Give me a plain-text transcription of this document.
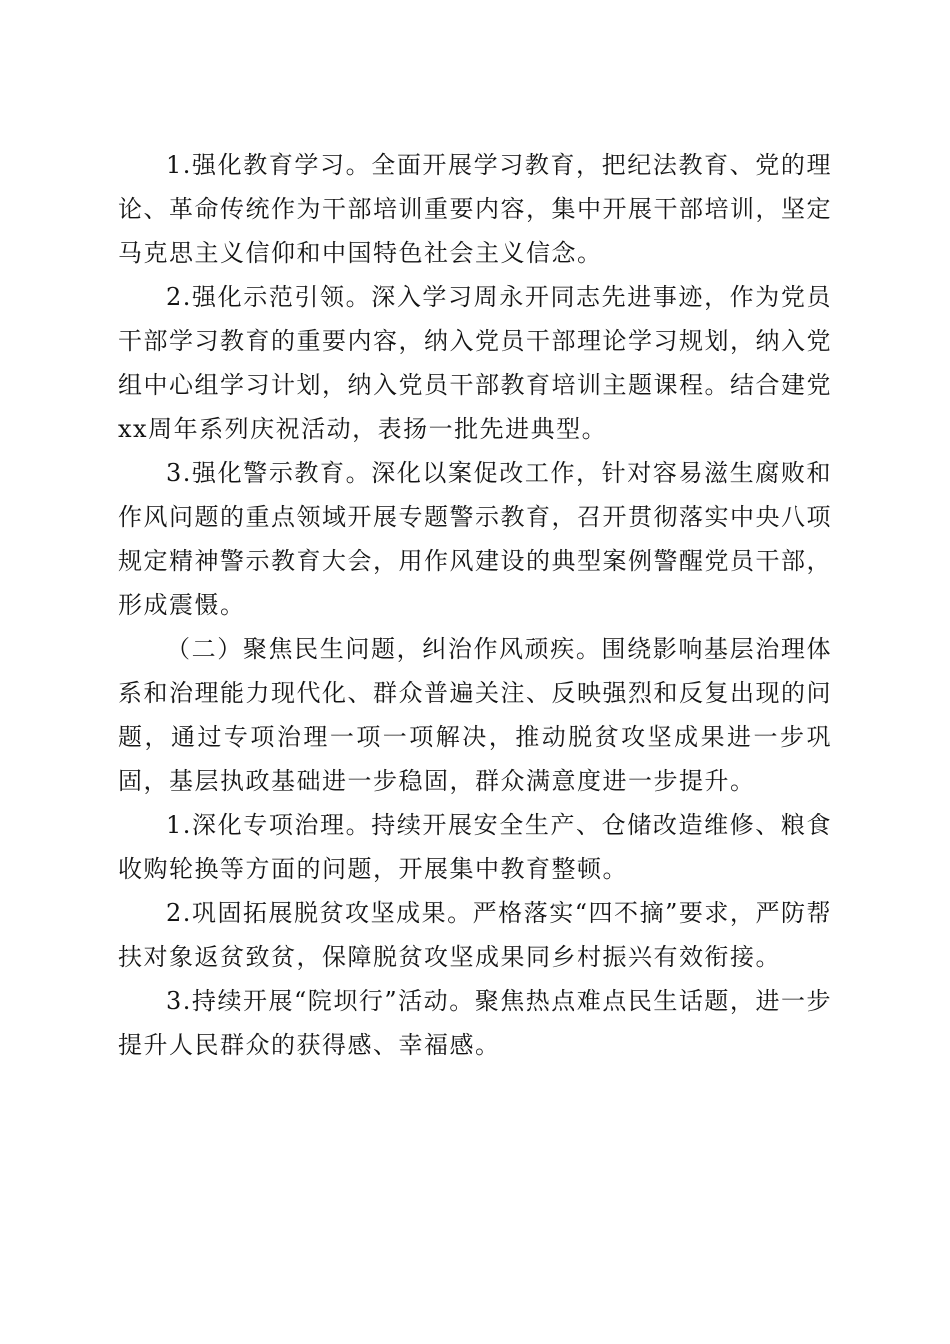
1.强化教育学习。全面开展学习教育，把纪法教育、党的理论、革命传统作为干部培训重要内容，集中开展干部培训，坚定马克思主义信仰和中国特色社会主义信念。

2.强化示范引领。深入学习周永开同志先进事迹，作为党员干部学习教育的重要内容，纳入党员干部理论学习规划，纳入党组中心组学习计划，纳入党员干部教育培训主题课程。结合建党xx周年系列庆祝活动，表扬一批先进典型。

3.强化警示教育。深化以案促改工作，针对容易滋生腐败和作风问题的重点领域开展专题警示教育，召开贯彻落实中央八项规定精神警示教育大会，用作风建设的典型案例警醒党员干部，形成震慑。

（二）聚焦民生问题，纠治作风顽疾。围绕影响基层治理体系和治理能力现代化、群众普遍关注、反映强烈和反复出现的问题，通过专项治理一项一项解决，推动脱贫攻坚成果进一步巩固，基层执政基础进一步稳固，群众满意度进一步提升。

1.深化专项治理。持续开展安全生产、仓储改造维修、粮食收购轮换等方面的问题，开展集中教育整顿。

2.巩固拓展脱贫攻坚成果。严格落实“四不摘”要求，严防帮扶对象返贫致贫，保障脱贫攻坚成果同乡村振兴有效衔接。

3.持续开展“院坝行”活动。聚焦热点难点民生话题，进一步提升人民群众的获得感、幸福感。
